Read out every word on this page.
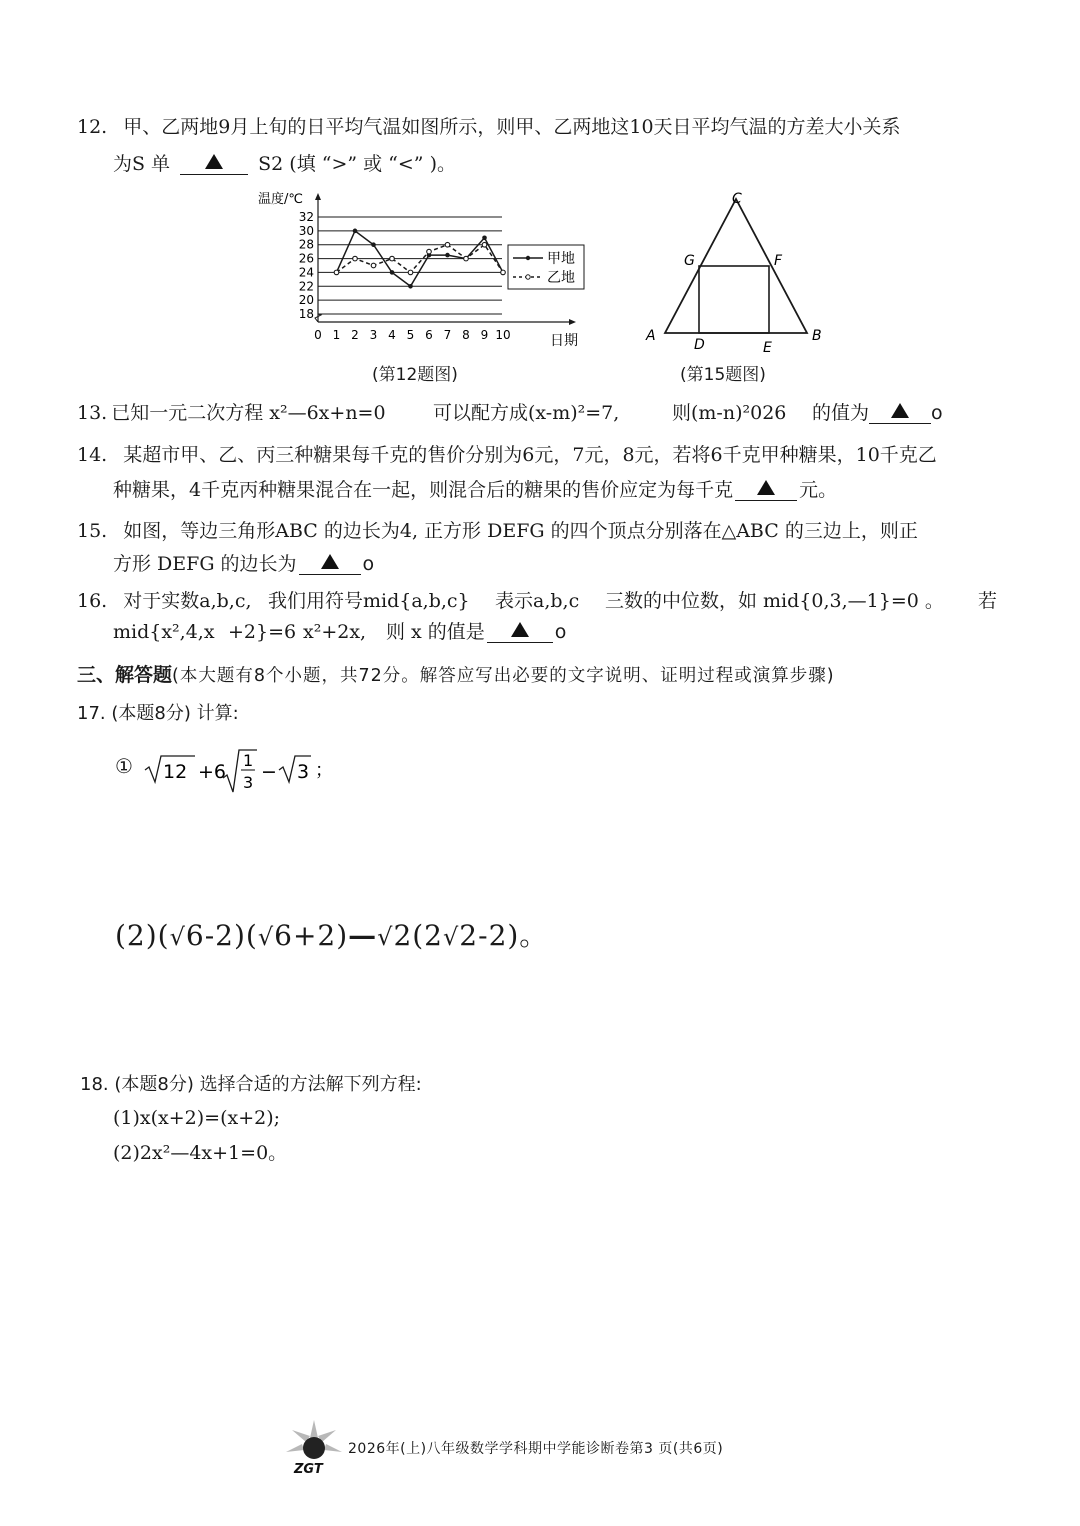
12. 甲、乙两地9月上旬的日平均气温如图所示，则甲、乙两地这10天日平均气温的方差大小关系
为S 单	S2 (填 “>” 或 “<” )。
18
20
22
24
26
28
30
32
0 1 2 3 4 5 6 7 8 9 10
温度/℃
日期
甲地
乙地
(第12题图)
C
G	F
A	B
D	E
(第15题图)
13. 已知一元二次方程 x²—6x+n=0 可以配方成(x-m)²=7,	则(m-n)²026 的值为	o
14. 某超市甲、乙、丙三种糖果每千克的售价分别为6元，7元，8元，若将6千克甲种糖果，10千克乙
种糖果，4千克丙种糖果混合在一起，则混合后的糖果的售价应定为每千克	元。
15. 如图，等边三角形ABC 的边长为4, 正方形 DEFG 的四个顶点分别落在△ABC 的三边上，则正
方形 DEFG 的边长为	o
16. 对于实数a,b,c, 我们用符号mid{a,b,c} 表示a,b,c 三数的中位数，如 mid{0,3,—1}=0 。 若
mid{x²,4,x +2}=6 x²+2x, 则 x 的值是	o
三、解答题(本大题有8个小题，共72分。解答应写出必要的文字说明、证明过程或演算步骤)
17. (本题8分) 计算:
① 12 +6
1
3 − 3 ；
(2)(√6-2)(√6+2)—√2(2√2-2)。
18. (本题8分) 选择合适的方法解下列方程:
(1)x(x+2)=(x+2);
(2)2x²—4x+1=0。
ZGT
2026年(上)八年级数学学科期中学能诊断卷第3 页(共6页)
